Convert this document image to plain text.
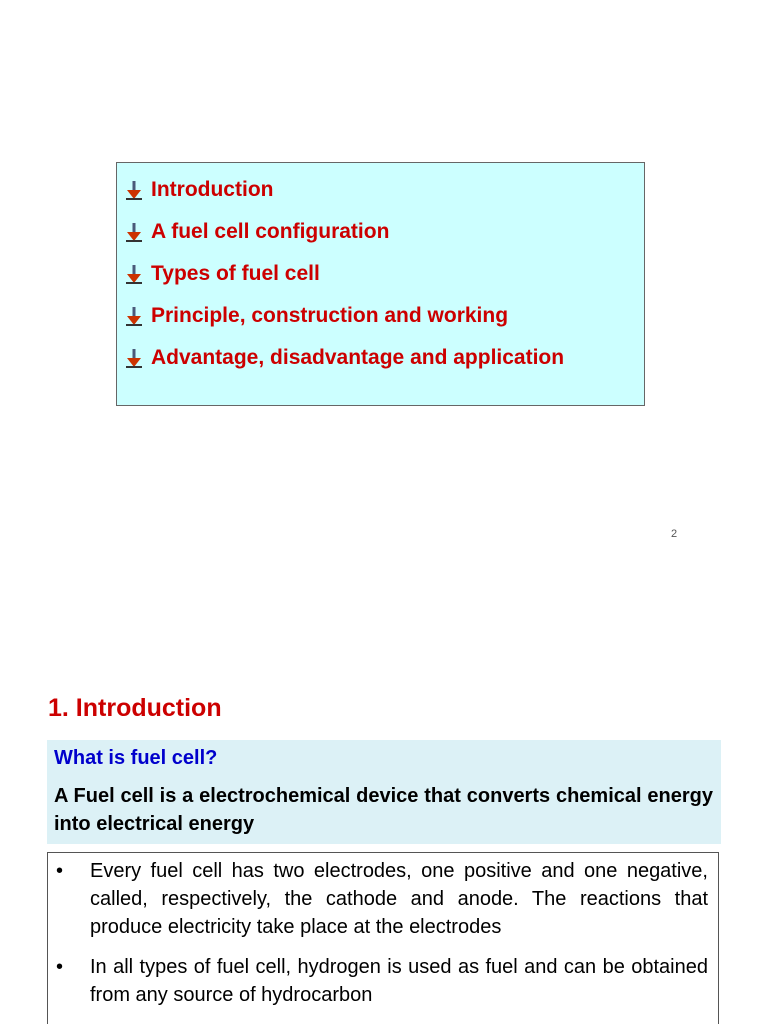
Introduction
A fuel cell configuration
Types of fuel cell
Principle, construction and working
Advantage, disadvantage and application
2
1. Introduction

What is fuel cell?

A Fuel cell is a electrochemical device that converts chemical energy into electrical energy

•	Every fuel cell has two electrodes, one positive and one negative, called, respectively, the cathode and anode. The reactions that produce electricity take place at the electrodes
•	In all types of fuel cell, hydrogen is used as fuel and can be obtained from any source of hydrocarbon
